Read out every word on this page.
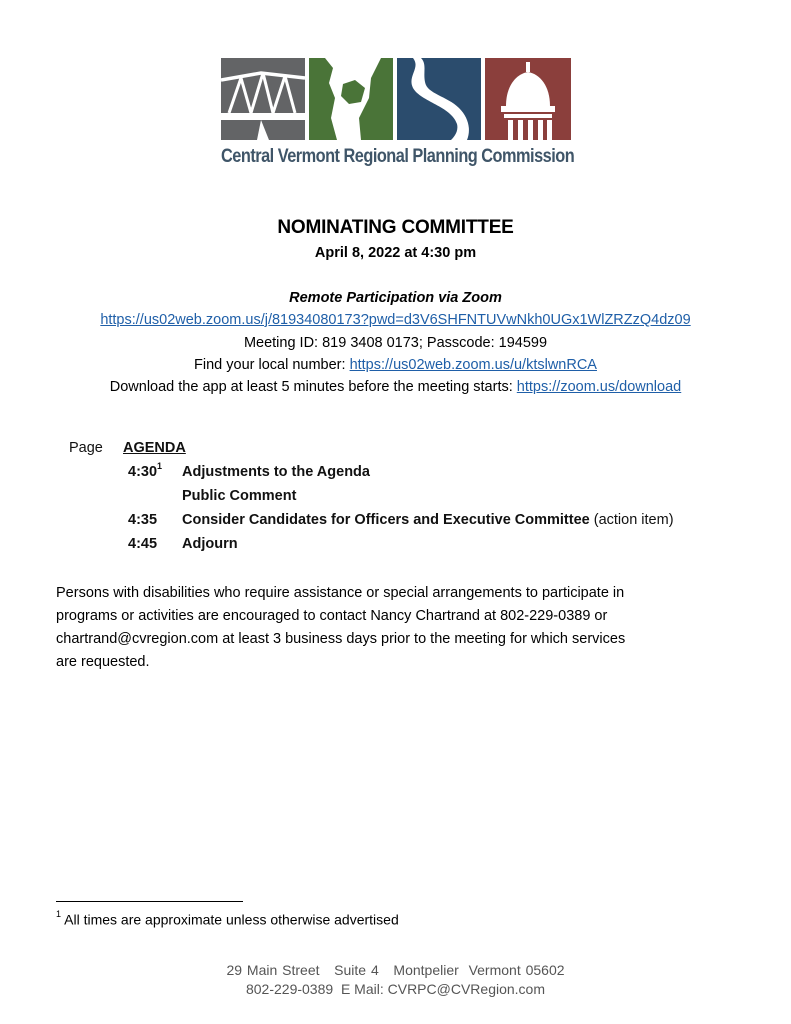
Central Vermont Regional Planning Commission
NOMINATING COMMITTEE
April 8, 2022 at 4:30 pm
Remote Participation via Zoom
https://us02web.zoom.us/j/81934080173?pwd=d3V6SHFNTUVwNkh0UGx1WlZRZzQ4dz09
Meeting ID: 819 3408 0173; Passcode: 194599
Find your local number: https://us02web.zoom.us/u/ktslwnRCA
Download the app at least 5 minutes before the meeting starts: https://zoom.us/download
Page AGENDA
$4:30^1$ Adjustments to the Agenda
Public Comment
4:35 Consider Candidates for Officers and Executive Committee (action item)
4:45 Adjourn
Persons with disabilities who require assistance or special arrangements to participate in
programs or activities are encouraged to contact Nancy Chartrand at 802-229-0389 or
chartrand@cvregion.com at least 3 business days prior to the meeting for which services
are requested.
$^1$ All times are approximate unless otherwise advertised
29 Main Street   Suite 4   Montpelier  Vermont 05602
802-229-0389  E Mail: CVRPC@CVRegion.com
